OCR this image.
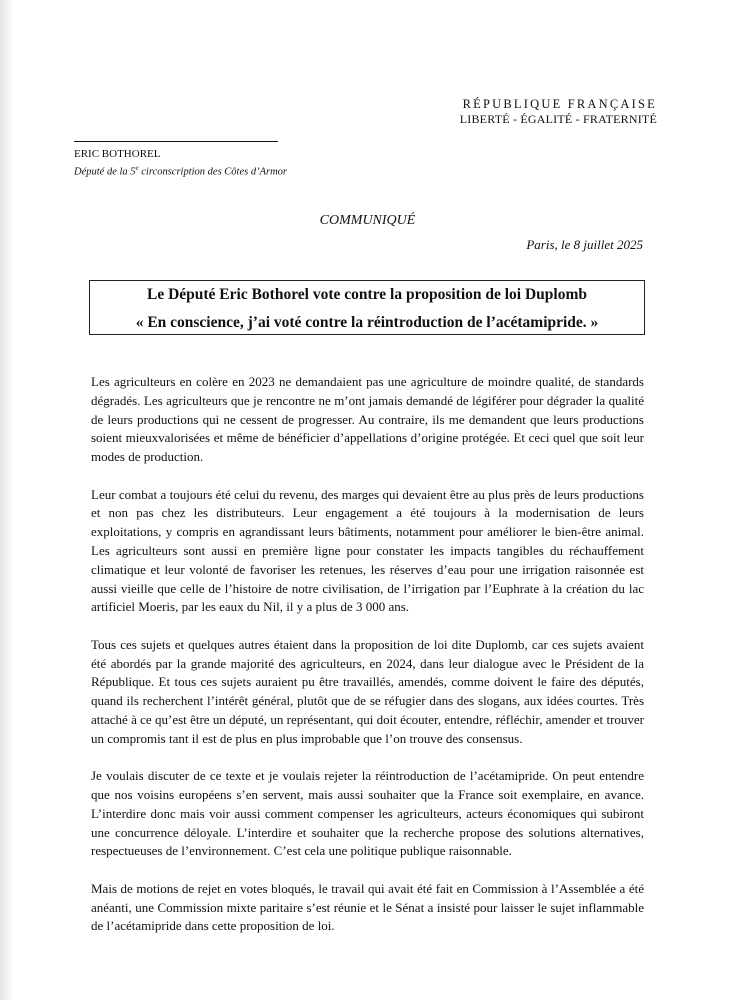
RÉPUBLIQUE FRANÇAISE
LIBERTÉ - ÉGALITÉ - FRATERNITÉ
ERIC BOTHOREL
Député de la 5e circonscription des Côtes d’Armor
COMMUNIQUÉ
Paris, le 8 juillet 2025
Le Député Eric Bothorel vote contre la proposition de loi Duplomb
« En conscience, j’ai voté contre la réintroduction de l’acétamipride. »

Les agriculteurs en colère en 2023 ne demandaient pas une agriculture de moindre qualité, de standards dégradés. Les agriculteurs que je rencontre ne m’ont jamais demandé de légiférer pour dégrader la qualité de leurs productions qui ne cessent de progresser. Au contraire, ils me demandent que leurs productions soient mieuxvalorisées et même de bénéficier d’appellations d’origine protégée. Et ceci quel que soit leur modes de production.

Leur combat a toujours été celui du revenu, des marges qui devaient être au plus près de leurs productions et non pas chez les distributeurs. Leur engagement a été toujours à la modernisation de leurs exploitations, y compris en agrandissant leurs bâtiments, notamment pour améliorer le bien-être animal. Les agriculteurs sont aussi en première ligne pour constater les impacts tangibles du réchauffement climatique et leur volonté de favoriser les retenues, les réserves d’eau pour une irrigation raisonnée est aussi vieille que celle de l’histoire de notre civilisation, de l’irrigation par l’Euphrate à la création du lac artificiel Moeris, par les eaux du Nil, il y a plus de 3 000 ans.

Tous ces sujets et quelques autres étaient dans la proposition de loi dite Duplomb, car ces sujets avaient été abordés par la grande majorité des agriculteurs, en 2024, dans leur dialogue avec le Président de la République. Et tous ces sujets auraient pu être travaillés, amendés, comme doivent le faire des députés, quand ils recherchent l’intérêt général, plutôt que de se réfugier dans des slogans, aux idées courtes. Très attaché à ce qu’est être un député, un représentant, qui doit écouter, entendre, réfléchir, amender et trouver un compromis tant il est de plus en plus improbable que l’on trouve des consensus.

Je voulais discuter de ce texte et je voulais rejeter la réintroduction de l’acétamipride. On peut entendre que nos voisins européens s’en servent, mais aussi souhaiter que la France soit exemplaire, en avance. L’interdire donc mais voir aussi comment compenser les agriculteurs, acteurs économiques qui subiront une concurrence déloyale. L’interdire et souhaiter que la recherche propose des solutions alternatives, respectueuses de l’environnement. C’est cela une politique publique raisonnable.

Mais de motions de rejet en votes bloqués, le travail qui avait été fait en Commission à l’Assemblée a été anéanti, une Commission mixte paritaire s’est réunie et le Sénat a insisté pour laisser le sujet inflammable de l’acétamipride dans cette proposition de loi.
